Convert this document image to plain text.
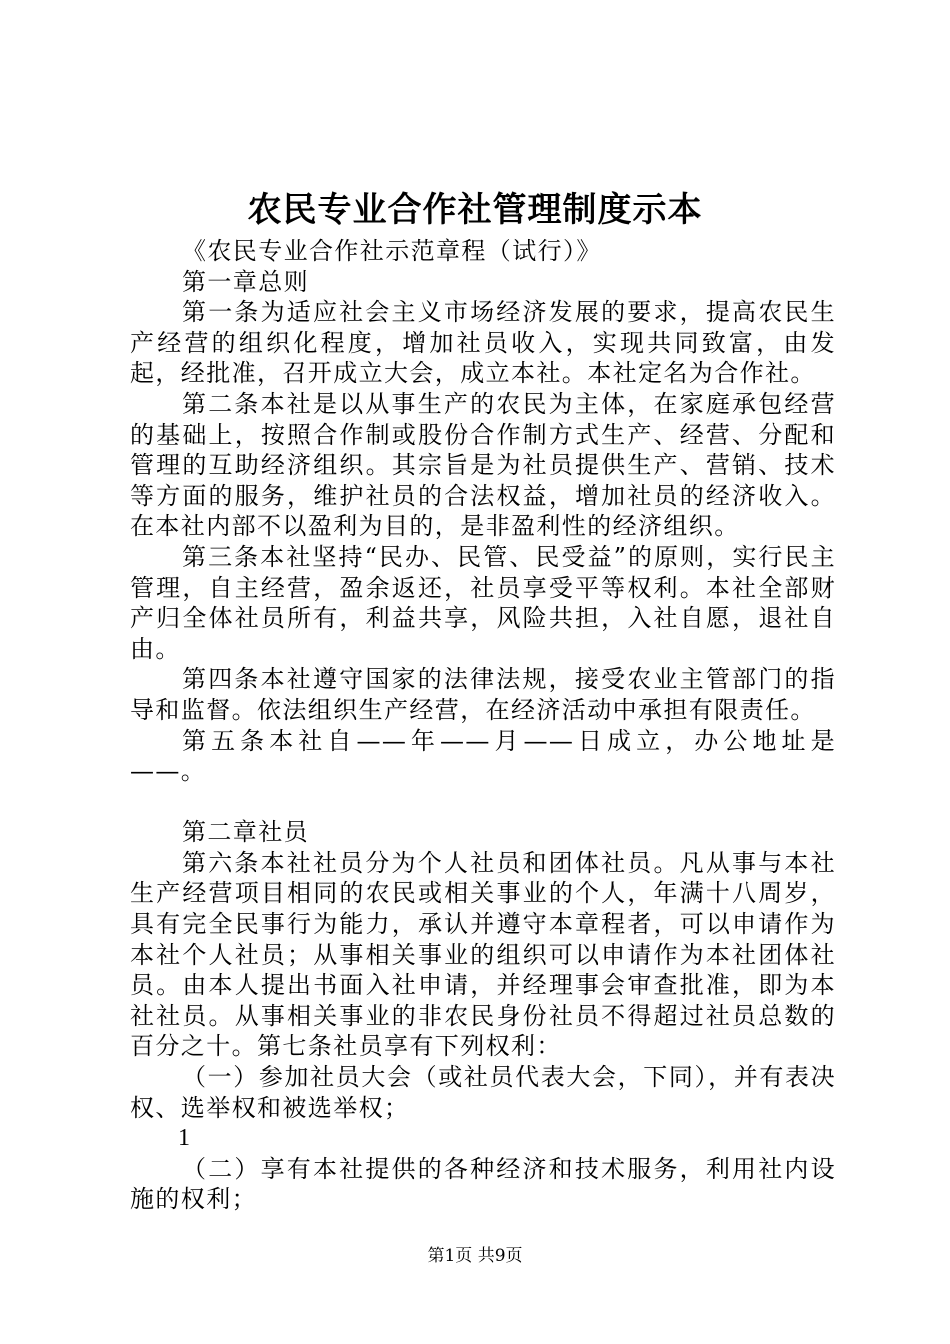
农民专业合作社管理制度示本

《农民专业合作社示范章程（试行）》

第一章总则

第一条为适应社会主义市场经济发展的要求，提高农民生产经营的组织化程度，增加社员收入，实现共同致富，由发起，经批准，召开成立大会，成立本社。本社定名为合作社。

第二条本社是以从事生产的农民为主体，在家庭承包经营的基础上，按照合作制或股份合作制方式生产、经营、分配和管理的互助经济组织。其宗旨是为社员提供生产、营销、技术等方面的服务，维护社员的合法权益，增加社员的经济收入。在本社内部不以盈利为目的，是非盈利性的经济组织。

第三条本社坚持“民办、民管、民受益”的原则，实行民主管理，自主经营，盈余返还，社员享受平等权利。本社全部财产归全体社员所有，利益共享，风险共担，入社自愿，退社自由。

第四条本社遵守国家的法律法规，接受农业主管部门的指导和监督。依法组织生产经营，在经济活动中承担有限责任。

第五条本社自——年——月——日成立，办公地址是——。

第二章社员

第六条本社社员分为个人社员和团体社员。凡从事与本社生产经营项目相同的农民或相关事业的个人，年满十八周岁，具有完全民事行为能力，承认并遵守本章程者，可以申请作为本社个人社员；从事相关事业的组织可以申请作为本社团体社员。由本人提出书面入社申请，并经理事会审查批准，即为本社社员。从事相关事业的非农民身份社员不得超过社员总数的百分之十。第七条社员享有下列权利：

（一）参加社员大会（或社员代表大会，下同），并有表决权、选举权和被选举权；

1

（二）享有本社提供的各种经济和技术服务，利用社内设施的权利；

第1页 共9页
